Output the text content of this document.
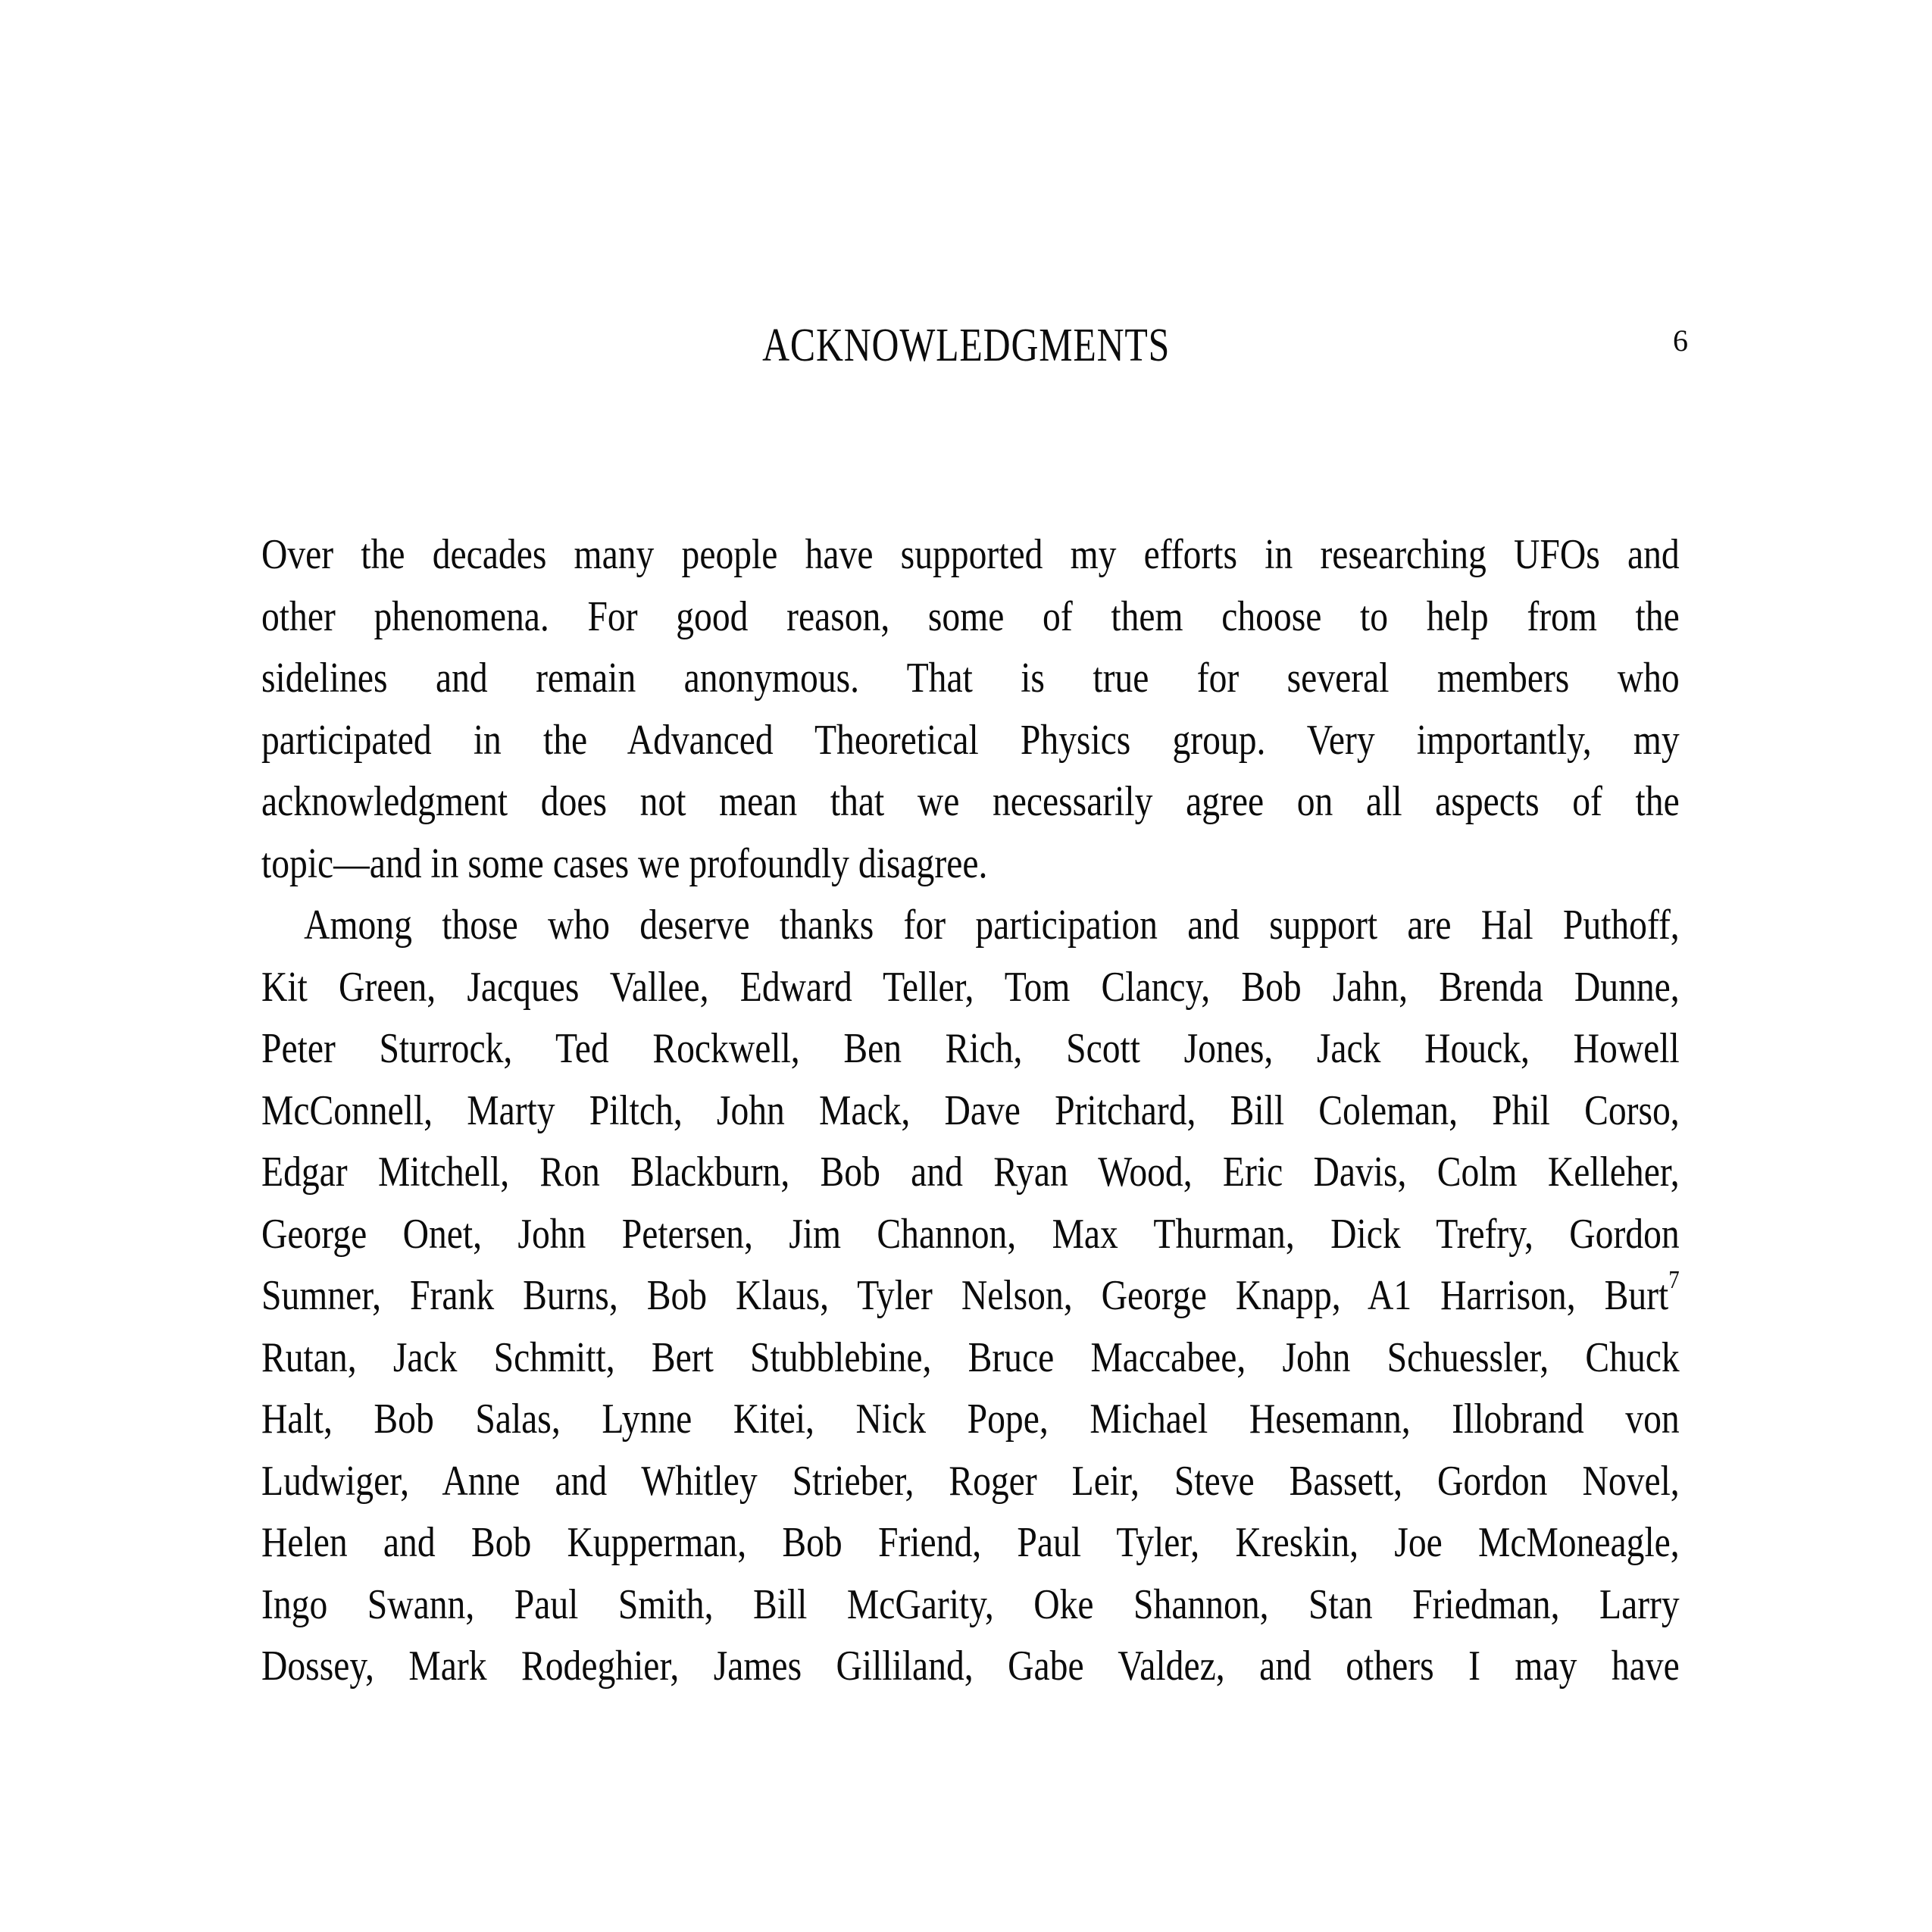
ACKNOWLEDGMENTS	6
Over the decades many people have supported my efforts in researching UFOs and
other phenomena. For good reason, some of them choose to help from the
sidelines and remain anonymous. That is true for several members who
participated in the Advanced Theoretical Physics group. Very importantly, my
acknowledgment does not mean that we necessarily agree on all aspects of the
topic—and in some cases we profoundly disagree.
Among those who deserve thanks for participation and support are Hal Puthoff,
Kit Green, Jacques Vallee, Edward Teller, Tom Clancy, Bob Jahn, Brenda Dunne,
Peter Sturrock, Ted Rockwell, Ben Rich, Scott Jones, Jack Houck, Howell
McConnell, Marty Piltch, John Mack, Dave Pritchard, Bill Coleman, Phil Corso,
Edgar Mitchell, Ron Blackburn, Bob and Ryan Wood, Eric Davis, Colm Kelleher,
George Onet, John Petersen, Jim Channon, Max Thurman, Dick Trefry, Gordon
Sumner, Frank Burns, Bob Klaus, Tyler Nelson, George Knapp, A1 Harrison, Burt$^7$
Rutan, Jack Schmitt, Bert Stubblebine, Bruce Maccabee, John Schuessler, Chuck
Halt, Bob Salas, Lynne Kitei, Nick Pope, Michael Hesemann, Illobrand von
Ludwiger, Anne and Whitley Strieber, Roger Leir, Steve Bassett, Gordon Novel,
Helen and Bob Kupperman, Bob Friend, Paul Tyler, Kreskin, Joe McMoneagle,
Ingo Swann, Paul Smith, Bill McGarity, Oke Shannon, Stan Friedman, Larry
Dossey, Mark Rodeghier, James Gilliland, Gabe Valdez, and others I may have
